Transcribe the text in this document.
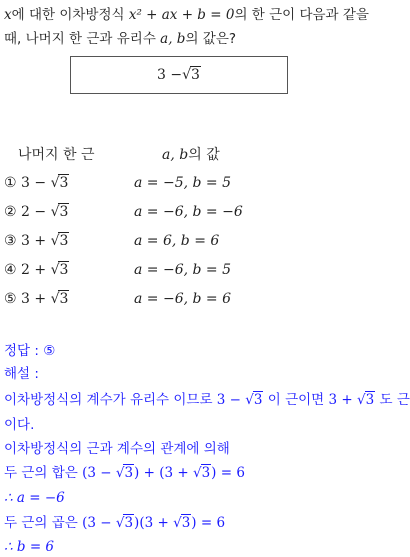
x에 대한 이차방정식 x² + ax + b = 0의 한 근이 다음과 같을
때, 나머지 한 근과 유리수 a, b의 값은?
3 − √3
나머지 한 근	a, b의 값
① 3 − √3	a = −5, b = 5
② 2 − √3	a = −6, b = −6
③ 3 + √3	a = 6, b = 6
④ 2 + √3	a = −6, b = 5
⑤ 3 + √3	a = −6, b = 6
정답 : ⑤
해설 :
이차방정식의 계수가 유리수 이므로 3 − √3 이 근이면 3 + √3 도 근
이다.
이차방정식의 근과 계수의 관계에 의해
두 근의 합은 (3 − √3) + (3 + √3) = 6
∴ a = −6
두 근의 곱은 (3 − √3)(3 + √3) = 6
∴ b = 6
